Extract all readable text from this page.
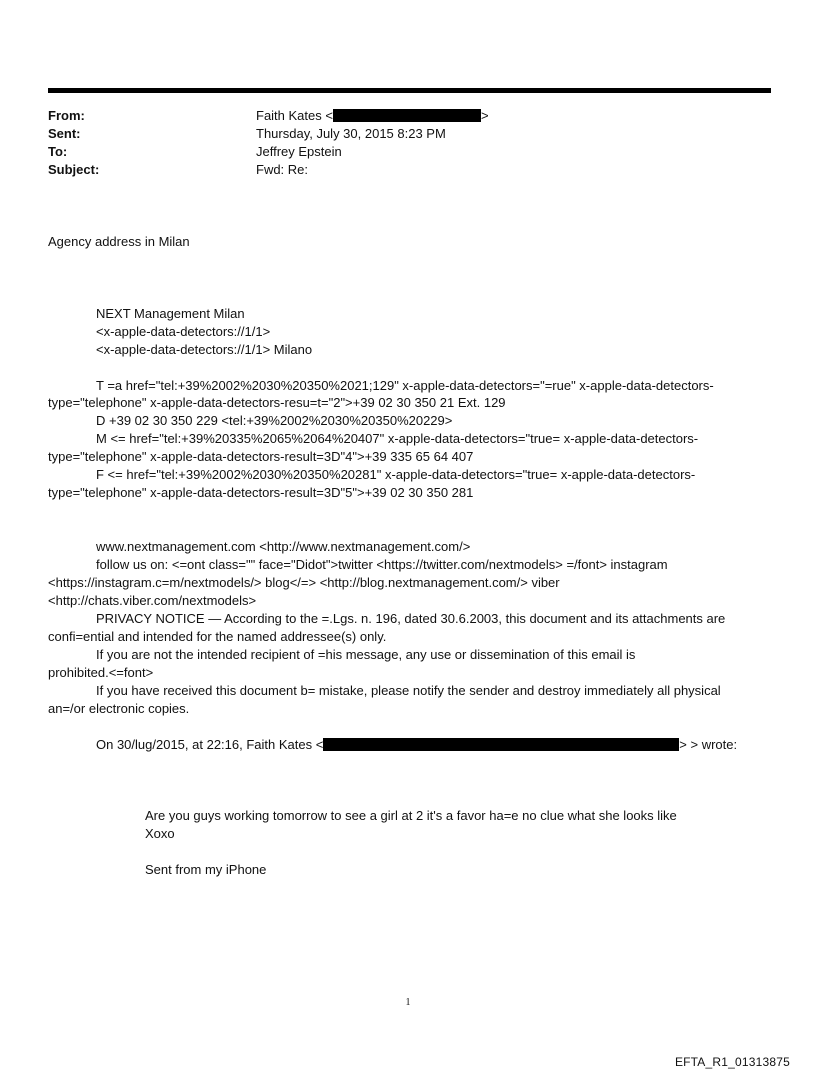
From:	Faith Kates <	>
Sent:	Thursday, July 30, 2015 8:23 PM
To:	Jeffrey Epstein
Subject:	Fwd: Re:
Agency address in Milan
NEXT Management Milan
<x-apple-data-detectors://1/1>
<x-apple-data-detectors://1/1> Milano
T =a href="tel:+39%2002%2030%20350%2021;129" x-apple-data-detectors="=rue" x-apple-data-detectors-
type="telephone" x-apple-data-detectors-resu=t="2">+39 02 30 350 21 Ext. 129
D +39 02 30 350 229 <tel:+39%2002%2030%20350%20229>
M <= href="tel:+39%20335%2065%2064%20407" x-apple-data-detectors="true= x-apple-data-detectors-
type="telephone" x-apple-data-detectors-result=3D"4">+39 335 65 64 407
F <= href="tel:+39%2002%2030%20350%20281" x-apple-data-detectors="true= x-apple-data-detectors-
type="telephone" x-apple-data-detectors-result=3D"5">+39 02 30 350 281
www.nextmanagement.com <http://www.nextmanagement.com/>
follow us on: <=ont class="" face="Didot">twitter <https://twitter.com/nextmodels> =/font> instagram
<https://instagram.c=m/nextmodels/> blog</=> <http://blog.nextmanagement.com/> viber
<http://chats.viber.com/nextmodels>
PRIVACY NOTICE — According to the =.Lgs. n. 196, dated 30.6.2003, this document and its attachments are
confi=ential and intended for the named addressee(s) only.
If you are not the intended recipient of =his message, any use or dissemination of this email is
prohibited.<=font>
If you have received this document b= mistake, please notify the sender and destroy immediately all physical
an=/or electronic copies.
On 30/lug/2015, at 22:16, Faith Kates <	> > wrote:
Are you guys working tomorrow to see a girl at 2 it's a favor ha=e no clue what she looks like
Xoxo
Sent from my iPhone
1
EFTA_R1_01313875
